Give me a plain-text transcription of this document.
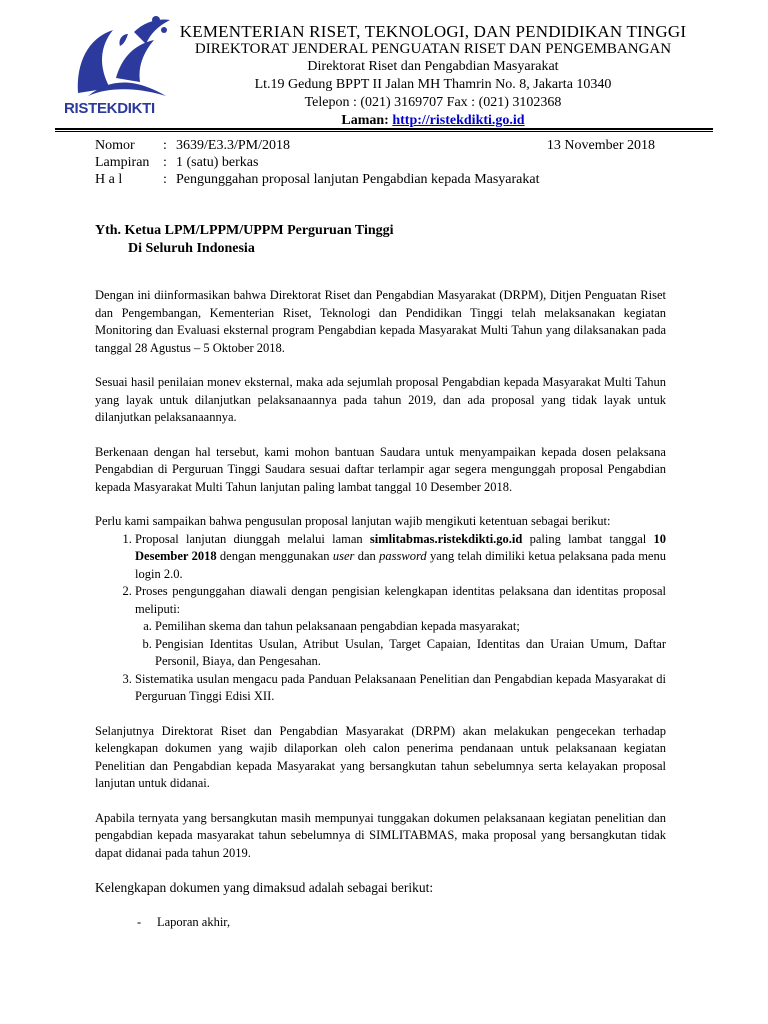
RISTEKDIKTI
KEMENTERIAN RISET, TEKNOLOGI, DAN PENDIDIKAN TINGGI
DIREKTORAT JENDERAL PENGUATAN RISET DAN PENGEMBANGAN
Direktorat Riset dan Pengabdian Masyarakat
Lt.19 Gedung BPPT II Jalan MH Thamrin No. 8, Jakarta 10340
Telepon : (021) 3169707 Fax : (021) 3102368
Laman: http://ristekdikti.go.id
Nomor	: 3639/E3.3/PM/2018	13 November 2018
Lampiran : 1 (satu) berkas
H a l	: Pengunggahan proposal lanjutan Pengabdian kepada Masyarakat
Yth. Ketua LPM/LPPM/UPPM Perguruan Tinggi
Di Seluruh Indonesia

Dengan ini diinformasikan bahwa Direktorat Riset dan Pengabdian Masyarakat (DRPM), Ditjen Penguatan Riset dan Pengembangan, Kementerian Riset, Teknologi dan Pendidikan Tinggi telah melaksanakan kegiatan Monitoring dan Evaluasi eksternal program Pengabdian kepada Masyarakat Multi Tahun yang dilaksanakan pada tanggal 28 Agustus – 5 Oktober 2018.

Sesuai hasil penilaian monev eksternal, maka ada sejumlah proposal Pengabdian kepada Masyarakat Multi Tahun yang layak untuk dilanjutkan pelaksanaannya pada tahun 2019, dan ada proposal yang tidak layak untuk dilanjutkan pelaksanaannya.

Berkenaan dengan hal tersebut, kami mohon bantuan Saudara untuk menyampaikan kepada dosen pelaksana Pengabdian di Perguruan Tinggi Saudara sesuai daftar terlampir agar segera mengunggah proposal Pengabdian kepada Masyarakat Multi Tahun lanjutan paling lambat tanggal 10 Desember 2018.

Perlu kami sampaikan bahwa pengusulan proposal lanjutan wajib mengikuti ketentuan sebagai berikut:

1. Proposal lanjutan diunggah melalui laman simlitabmas.ristekdikti.go.id paling lambat tanggal 10 Desember 2018 dengan menggunakan user dan password yang telah dimiliki ketua pelaksana pada menu login 2.0.
2. Proses pengunggahan diawali dengan pengisian kelengkapan identitas pelaksana dan identitas proposal meliputi:
a. Pemilihan skema dan tahun pelaksanaan pengabdian kepada masyarakat;
b. Pengisian Identitas Usulan, Atribut Usulan, Target Capaian, Identitas dan Uraian Umum, Daftar Personil, Biaya, dan Pengesahan.
3. Sistematika usulan mengacu pada Panduan Pelaksanaan Penelitian dan Pengabdian kepada Masyarakat di Perguruan Tinggi Edisi XII.

Selanjutnya Direktorat Riset dan Pengabdian Masyarakat (DRPM) akan melakukan pengecekan terhadap kelengkapan dokumen yang wajib dilaporkan oleh calon penerima pendanaan untuk pelaksanaan kegiatan Penelitian dan Pengabdian kepada Masyarakat yang bersangkutan tahun sebelumnya serta kelayakan proposal lanjutan untuk didanai.

Apabila ternyata yang bersangkutan masih mempunyai tunggakan dokumen pelaksanaan kegiatan penelitian dan pengabdian kepada masyarakat tahun sebelumnya di SIMLITABMAS, maka proposal yang bersangkutan tidak dapat didanai pada tahun 2019.

Kelengkapan dokumen yang dimaksud adalah sebagai berikut:

- Laporan akhir,
